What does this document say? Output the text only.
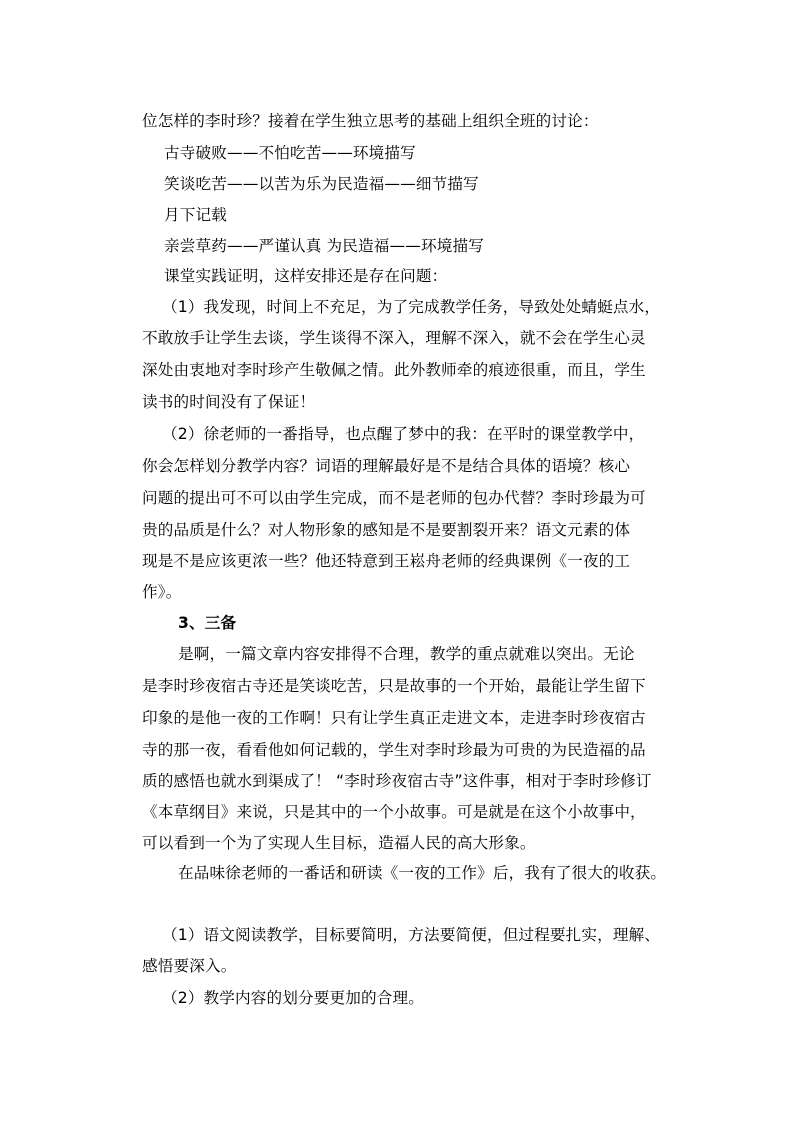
位怎样的李时珍？接着在学生独立思考的基础上组织全班的讨论：

古寺破败——不怕吃苦——环境描写

笑谈吃苦——以苦为乐为民造福——细节描写

月下记载

亲尝草药——严谨认真 为民造福——环境描写

课堂实践证明，这样安排还是存在问题：

（1）我发现，时间上不充足，为了完成教学任务，导致处处蜻蜓点水，

不敢放手让学生去谈，学生谈得不深入，理解不深入，就不会在学生心灵

深处由衷地对李时珍产生敬佩之情。此外教师牵的痕迹很重，而且，学生

读书的时间没有了保证！

（2）徐老师的一番指导，也点醒了梦中的我：在平时的课堂教学中，

你会怎样划分教学内容？词语的理解最好是不是结合具体的语境？核心

问题的提出可不可以由学生完成，而不是老师的包办代替？李时珍最为可

贵的品质是什么？对人物形象的感知是不是要割裂开来？语文元素的体

现是不是应该更浓一些？他还特意到王崧舟老师的经典课例《一夜的工

作》。

3、三备

是啊，一篇文章内容安排得不合理，教学的重点就难以突出。无论

是李时珍夜宿古寺还是笑谈吃苦，只是故事的一个开始，最能让学生留下

印象的是他一夜的工作啊！只有让学生真正走进文本，走进李时珍夜宿古

寺的那一夜，看看他如何记载的，学生对李时珍最为可贵的为民造福的品

质的感悟也就水到渠成了！ “李时珍夜宿古寺”这件事，相对于李时珍修订

《本草纲目》来说，只是其中的一个小故事。可是就是在这个小故事中，

可以看到一个为了实现人生目标，造福人民的高大形象。

在品味徐老师的一番话和研读《一夜的工作》后，我有了很大的收获。

（1）语文阅读教学，目标要简明，方法要简便，但过程要扎实，理解、

感悟要深入。

（2）教学内容的划分要更加的合理。
